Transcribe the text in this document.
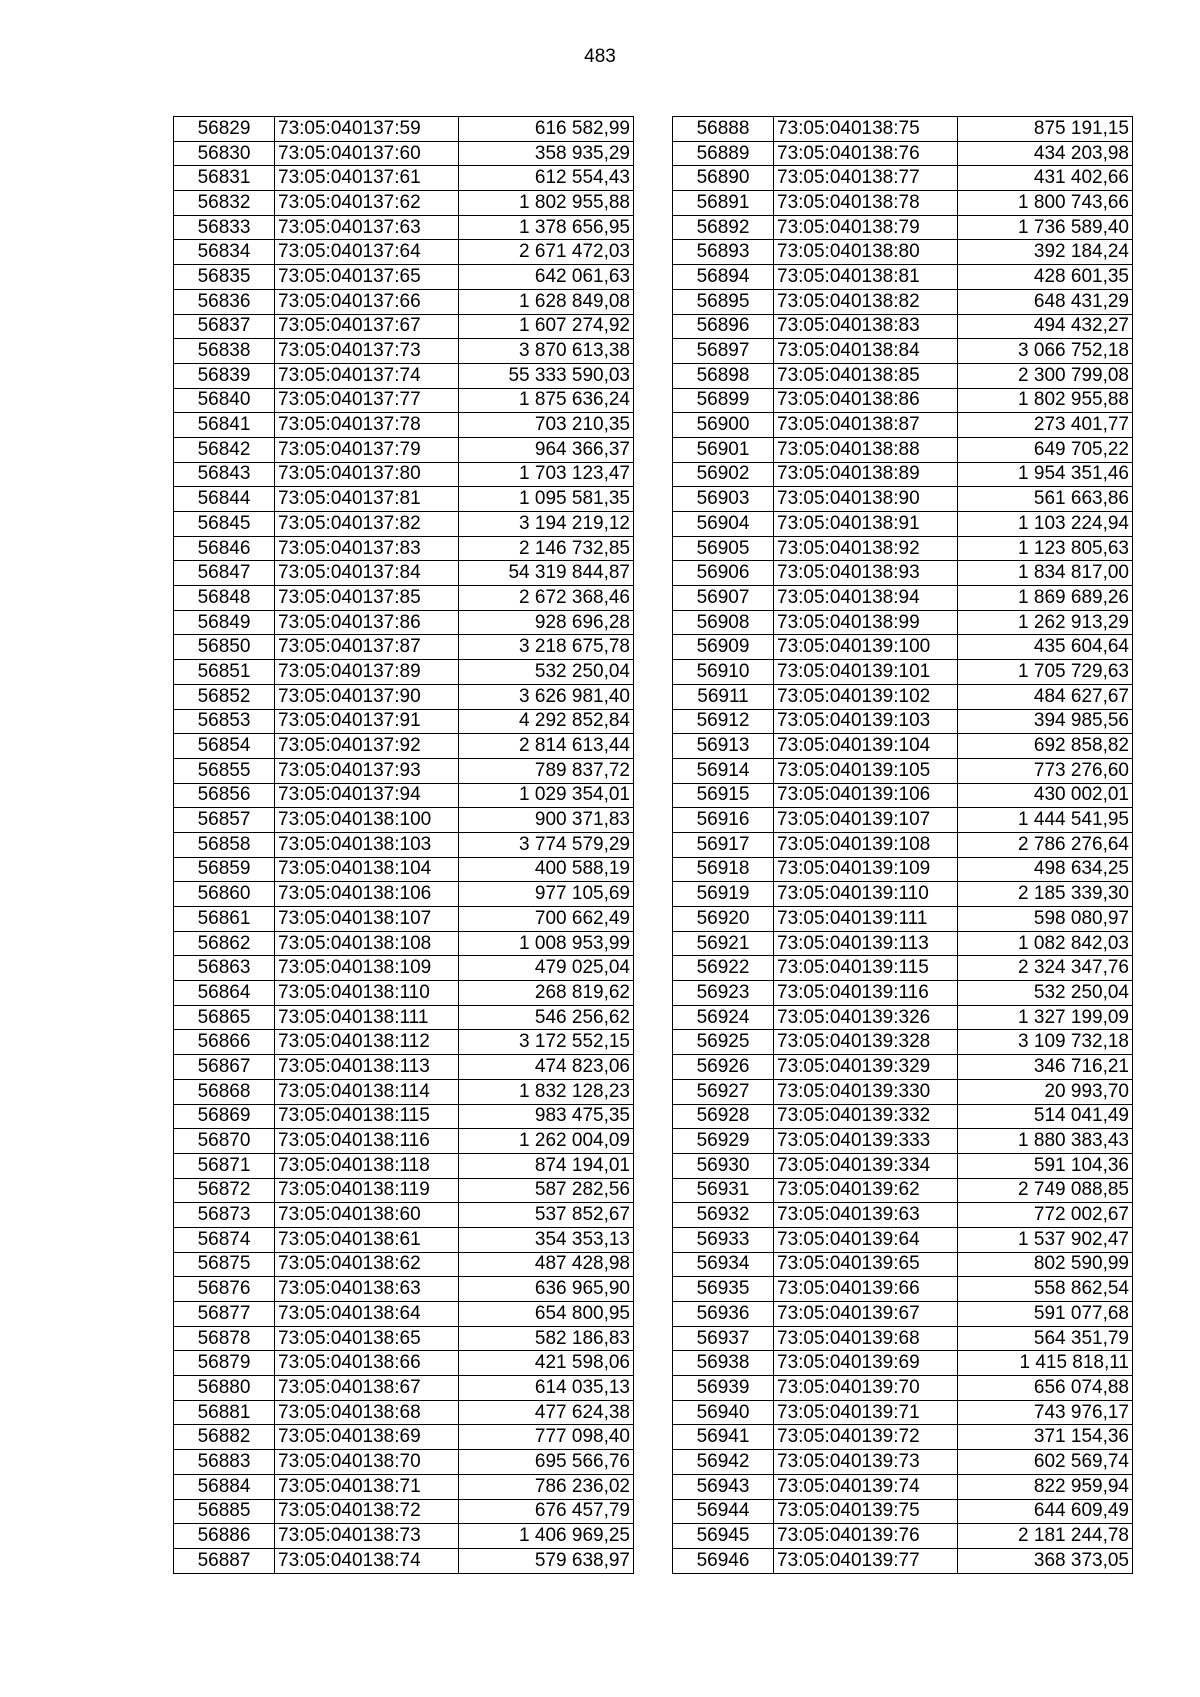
483
56829	73:05:040137:59	616 582,99
56830	73:05:040137:60	358 935,29
56831	73:05:040137:61	612 554,43
56832	73:05:040137:62	1 802 955,88
56833	73:05:040137:63	1 378 656,95
56834	73:05:040137:64	2 671 472,03
56835	73:05:040137:65	642 061,63
56836	73:05:040137:66	1 628 849,08
56837	73:05:040137:67	1 607 274,92
56838	73:05:040137:73	3 870 613,38
56839	73:05:040137:74	55 333 590,03
56840	73:05:040137:77	1 875 636,24
56841	73:05:040137:78	703 210,35
56842	73:05:040137:79	964 366,37
56843	73:05:040137:80	1 703 123,47
56844	73:05:040137:81	1 095 581,35
56845	73:05:040137:82	3 194 219,12
56846	73:05:040137:83	2 146 732,85
56847	73:05:040137:84	54 319 844,87
56848	73:05:040137:85	2 672 368,46
56849	73:05:040137:86	928 696,28
56850	73:05:040137:87	3 218 675,78
56851	73:05:040137:89	532 250,04
56852	73:05:040137:90	3 626 981,40
56853	73:05:040137:91	4 292 852,84
56854	73:05:040137:92	2 814 613,44
56855	73:05:040137:93	789 837,72
56856	73:05:040137:94	1 029 354,01
56857	73:05:040138:100	900 371,83
56858	73:05:040138:103	3 774 579,29
56859	73:05:040138:104	400 588,19
56860	73:05:040138:106	977 105,69
56861	73:05:040138:107	700 662,49
56862	73:05:040138:108	1 008 953,99
56863	73:05:040138:109	479 025,04
56864	73:05:040138:110	268 819,62
56865	73:05:040138:111	546 256,62
56866	73:05:040138:112	3 172 552,15
56867	73:05:040138:113	474 823,06
56868	73:05:040138:114	1 832 128,23
56869	73:05:040138:115	983 475,35
56870	73:05:040138:116	1 262 004,09
56871	73:05:040138:118	874 194,01
56872	73:05:040138:119	587 282,56
56873	73:05:040138:60	537 852,67
56874	73:05:040138:61	354 353,13
56875	73:05:040138:62	487 428,98
56876	73:05:040138:63	636 965,90
56877	73:05:040138:64	654 800,95
56878	73:05:040138:65	582 186,83
56879	73:05:040138:66	421 598,06
56880	73:05:040138:67	614 035,13
56881	73:05:040138:68	477 624,38
56882	73:05:040138:69	777 098,40
56883	73:05:040138:70	695 566,76
56884	73:05:040138:71	786 236,02
56885	73:05:040138:72	676 457,79
56886	73:05:040138:73	1 406 969,25
56887	73:05:040138:74	579 638,97
56888	73:05:040138:75	875 191,15
56889	73:05:040138:76	434 203,98
56890	73:05:040138:77	431 402,66
56891	73:05:040138:78	1 800 743,66
56892	73:05:040138:79	1 736 589,40
56893	73:05:040138:80	392 184,24
56894	73:05:040138:81	428 601,35
56895	73:05:040138:82	648 431,29
56896	73:05:040138:83	494 432,27
56897	73:05:040138:84	3 066 752,18
56898	73:05:040138:85	2 300 799,08
56899	73:05:040138:86	1 802 955,88
56900	73:05:040138:87	273 401,77
56901	73:05:040138:88	649 705,22
56902	73:05:040138:89	1 954 351,46
56903	73:05:040138:90	561 663,86
56904	73:05:040138:91	1 103 224,94
56905	73:05:040138:92	1 123 805,63
56906	73:05:040138:93	1 834 817,00
56907	73:05:040138:94	1 869 689,26
56908	73:05:040138:99	1 262 913,29
56909	73:05:040139:100	435 604,64
56910	73:05:040139:101	1 705 729,63
56911	73:05:040139:102	484 627,67
56912	73:05:040139:103	394 985,56
56913	73:05:040139:104	692 858,82
56914	73:05:040139:105	773 276,60
56915	73:05:040139:106	430 002,01
56916	73:05:040139:107	1 444 541,95
56917	73:05:040139:108	2 786 276,64
56918	73:05:040139:109	498 634,25
56919	73:05:040139:110	2 185 339,30
56920	73:05:040139:111	598 080,97
56921	73:05:040139:113	1 082 842,03
56922	73:05:040139:115	2 324 347,76
56923	73:05:040139:116	532 250,04
56924	73:05:040139:326	1 327 199,09
56925	73:05:040139:328	3 109 732,18
56926	73:05:040139:329	346 716,21
56927	73:05:040139:330	20 993,70
56928	73:05:040139:332	514 041,49
56929	73:05:040139:333	1 880 383,43
56930	73:05:040139:334	591 104,36
56931	73:05:040139:62	2 749 088,85
56932	73:05:040139:63	772 002,67
56933	73:05:040139:64	1 537 902,47
56934	73:05:040139:65	802 590,99
56935	73:05:040139:66	558 862,54
56936	73:05:040139:67	591 077,68
56937	73:05:040139:68	564 351,79
56938	73:05:040139:69	1 415 818,11
56939	73:05:040139:70	656 074,88
56940	73:05:040139:71	743 976,17
56941	73:05:040139:72	371 154,36
56942	73:05:040139:73	602 569,74
56943	73:05:040139:74	822 959,94
56944	73:05:040139:75	644 609,49
56945	73:05:040139:76	2 181 244,78
56946	73:05:040139:77	368 373,05
